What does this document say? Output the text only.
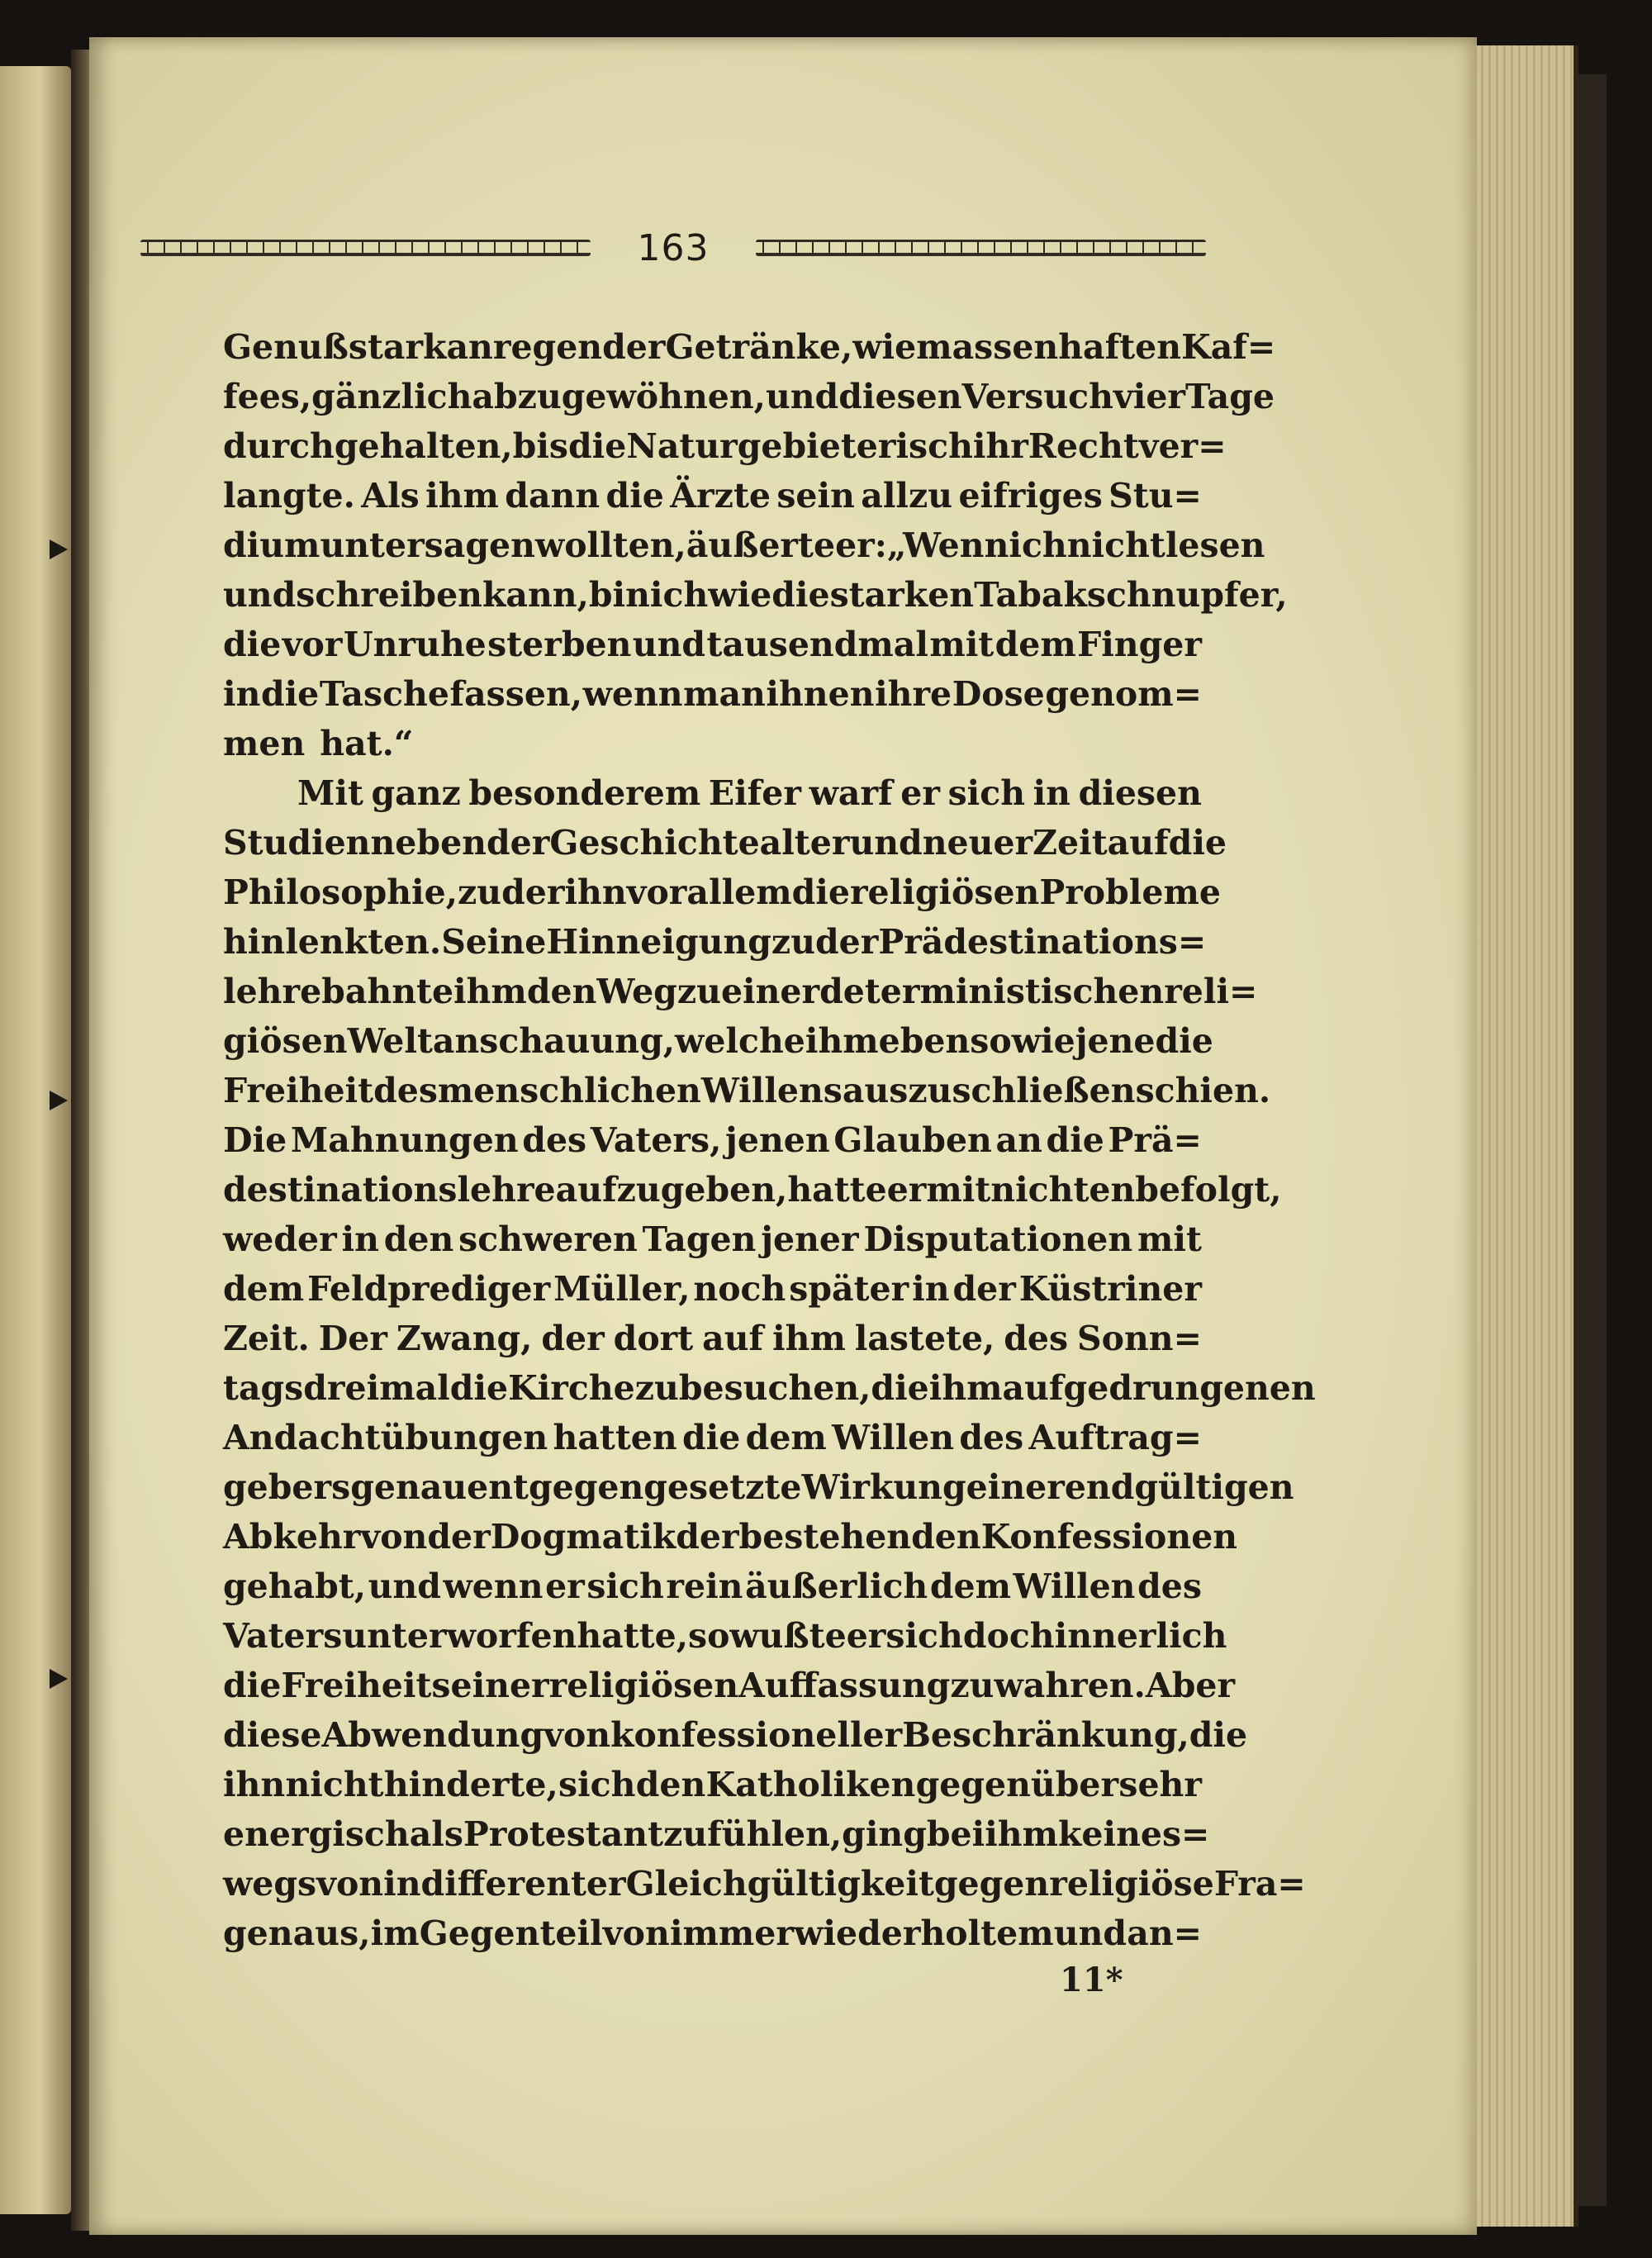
163
Genuß stark anregender Getränke, wie massenhaften Kaf=
fees, gänzlich abzugewöhnen, und diesen Versuch vier Tage
durchgehalten, bis die Natur gebieterisch ihr Recht ver=
langte. Als ihm dann die Ärzte sein allzu eifriges Stu=
dium untersagen wollten, äußerte er: „Wenn ich nicht lesen
und schreiben kann, bin ich wie die starken Tabakschnupfer,
die vor Unruhe sterben und tausendmal mit dem Finger
in die Tasche fassen, wenn man ihnen ihre Dose genom=
men hat.“
Mit ganz besonderem Eifer warf er sich in diesen
Studien neben der Geschichte alter und neuer Zeit auf die
Philosophie, zu der ihn vor allem die religiösen Probleme
hinlenkten. Seine Hinneigung zu der Prädestinations=
lehre bahnte ihm den Weg zu einer deterministischen reli=
giösen Weltanschauung, welche ihm ebenso wie jene die
Freiheit des menschlichen Willens auszuschließen schien.
Die Mahnungen des Vaters, jenen Glauben an die Prä=
destinationslehre aufzugeben, hatte er mit nichten befolgt,
weder in den schweren Tagen jener Disputationen mit
dem Feldprediger Müller, noch später in der Küstriner
Zeit. Der Zwang, der dort auf ihm lastete, des Sonn=
tags dreimal die Kirche zu besuchen, die ihm aufgedrungenen
Andachtübungen hatten die dem Willen des Auftrag=
gebers genau entgegengesetzte Wirkung einer endgültigen
Abkehr von der Dogmatik der bestehenden Konfessionen
gehabt, und wenn er sich rein äußerlich dem Willen des
Vaters unterworfen hatte, so wußte er sich doch innerlich
die Freiheit seiner religiösen Auffassung zu wahren. Aber
diese Abwendung von konfessioneller Beschränkung, die
ihn nicht hinderte, sich den Katholiken gegenüber sehr
energisch als Protestant zu fühlen, ging bei ihm keines=
wegs von indifferenter Gleichgültigkeit gegen religiöse Fra=
gen aus, im Gegenteil von immer wiederholtem und an=
11*
